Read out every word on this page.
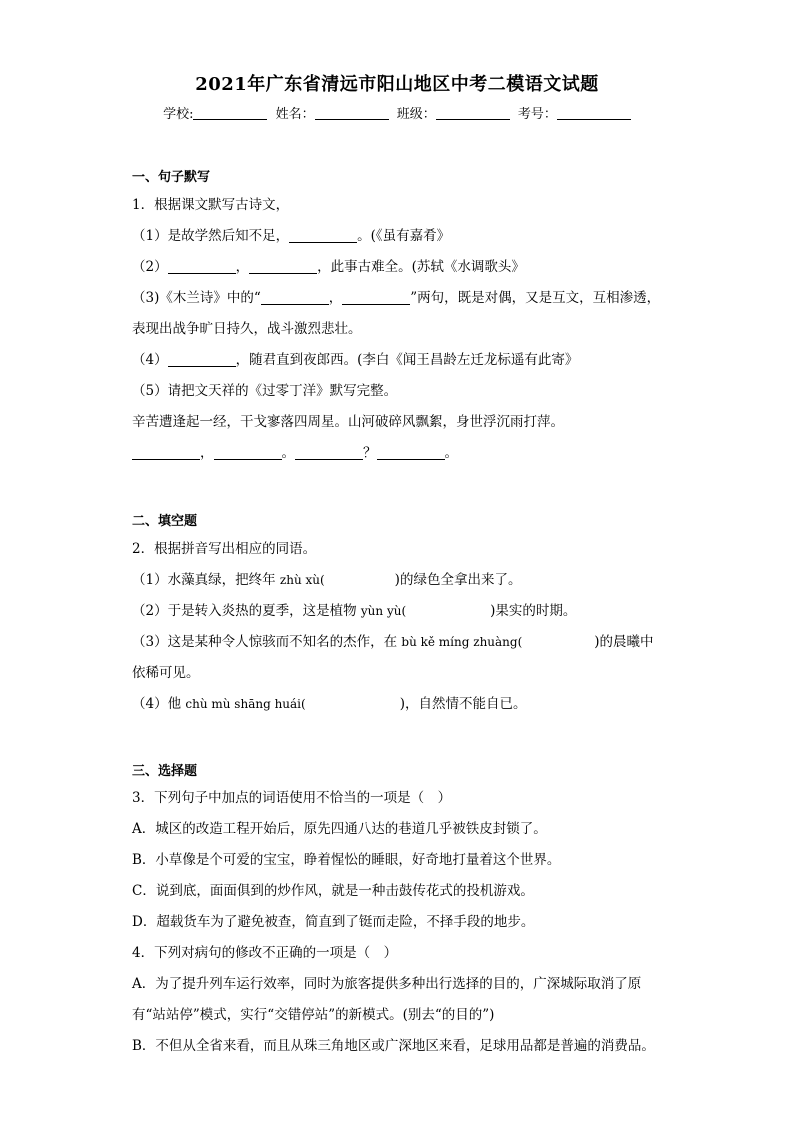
2021年广东省清远市阳山地区中考二模语文试题
学校:	姓名：	班级：	考号：
一、句子默写
1．根据课文默写古诗文，
（1）是故学然后知不足，	。(《虽有嘉肴》
（2）	，	，此事古难全。(苏轼《水调歌头》
（3)《木兰诗》中的“	，	”两句，既是对偶，又是互文，互相渗透，
表现出战争旷日持久，战斗激烈悲壮。
（4）	，随君直到夜郎西。(李白《闻王昌龄左迁龙标遥有此寄》
（5）请把文天祥的《过零丁洋》默写完整。
辛苦遭逢起一经，干戈寥落四周星。山河破碎风飘絮，身世浮沉雨打萍。
，	。	？	。
二、填空题
2．根据拼音写出相应的同语。
（1）水藻真绿，把终年 zhù xù(	)的绿色全拿出来了。
（2）于是转入炎热的夏季，这是植物 yùn yù(	)果实的时期。
（3）这是某种令人惊骇而不知名的杰作，在 bù kě míng zhuàng(	)的晨曦中
依稀可见。
（4）他 chù mù shāng huái(	)，自然情不能自已。
三、选择题
3．下列句子中加点的词语使用不恰当的一项是（　）
A．城区的改造工程开始后，原先四通八达的巷道几乎被铁皮封锁了。
B．小草像是个可爱的宝宝，睁着惺忪的睡眼，好奇地打量着这个世界。
C．说到底，面面俱到的炒作风，就是一种击鼓传花式的投机游戏。
D．超载货车为了避免被查，简直到了铤而走险，不择手段的地步。
4．下列对病句的修改不正确的一项是（　）
A．为了提升列车运行效率，同时为旅客提供多种出行选择的目的，广深城际取消了原
有“站站停”模式，实行“交错停站”的新模式。(别去“的目的”)
B．不但从全省来看，而且从珠三角地区或广深地区来看，足球用品都是普遍的消费品。
